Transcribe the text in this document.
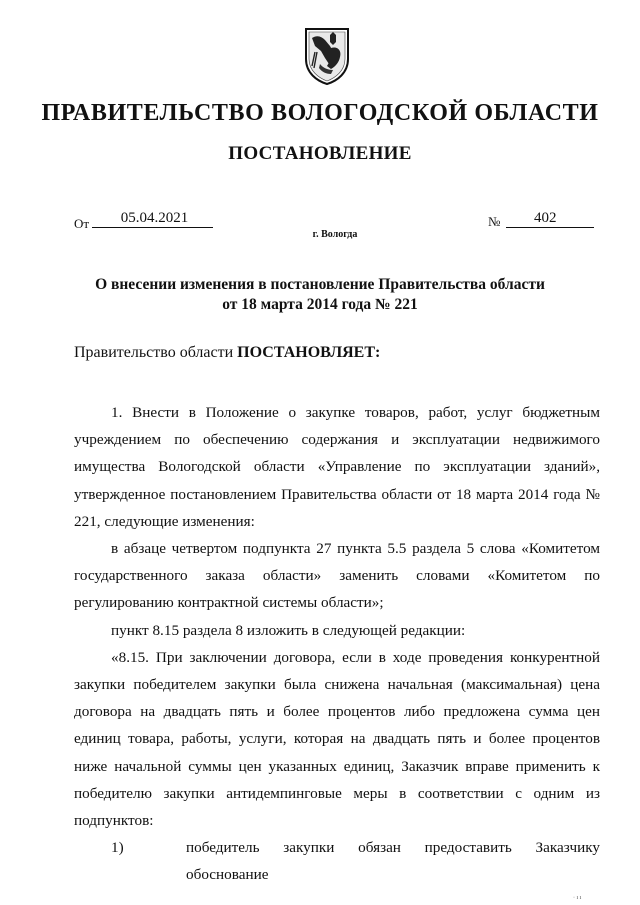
ПРАВИТЕЛЬСТВО ВОЛОГОДСКОЙ ОБЛАСТИ
ПОСТАНОВЛЕНИЕ
От	05.04.2021	№	402
г. Вологда
О внесении изменения в постановление Правительства области
от 18 марта 2014 года № 221
Правительство области ПОСТАНОВЛЯЕТ:

1. Внести в Положение о закупке товаров, работ, услуг бюджетным учреждением по обеспечению содержания и эксплуатации недвижимого имущества Вологодской области «Управление по эксплуатации зданий», утвержденное постановлением Правительства области от 18 марта 2014 года № 221, следующие изменения:

в абзаце четвертом подпункта 27 пункта 5.5 раздела 5 слова «Комитетом государственного заказа области» заменить словами «Комитетом по регулированию контрактной системы области»;

пункт 8.15 раздела 8 изложить в следующей редакции:

«8.15. При заключении договора, если в ходе проведения конкурентной закупки победителем закупки была снижена начальная (максимальная) цена договора на двадцать пять и более процентов либо предложена сумма цен единиц товара, работы, услуги, которая на двадцать пять и более процентов ниже начальной суммы цен указанных единиц, Заказчик вправе применить к победителю закупки антидемпинговые меры в соответствии с одним из подпунктов:

1)	победитель закупки обязан предоставить Заказчику обоснование

· ı ı
